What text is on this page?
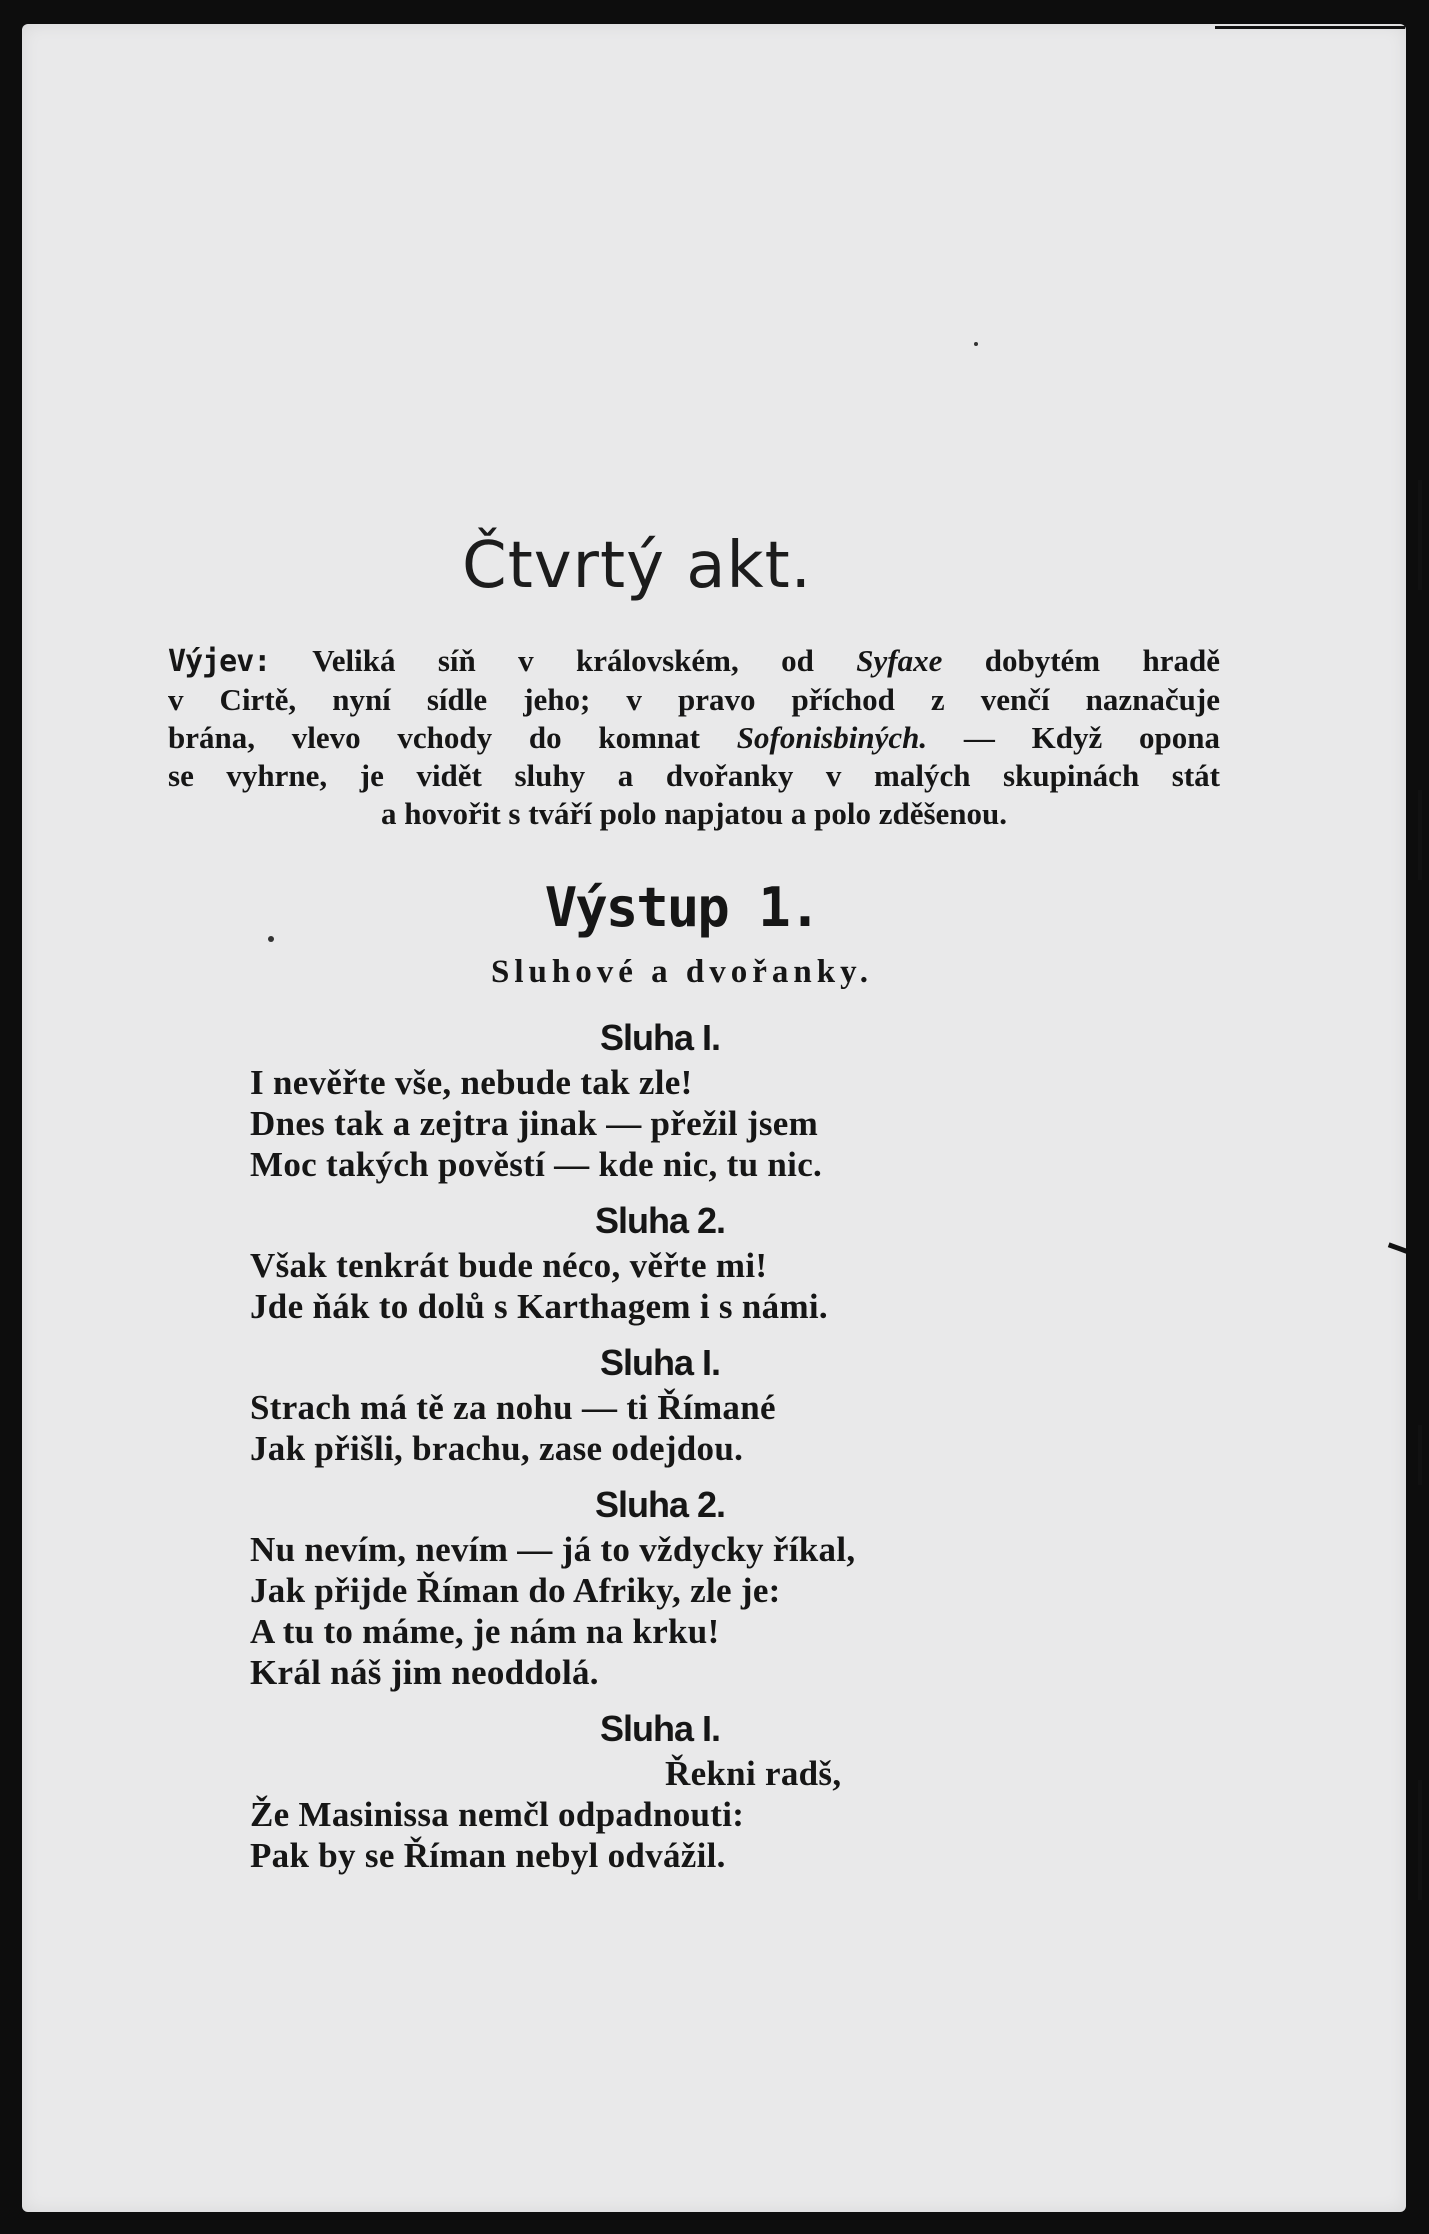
Čtvrtý akt.
Výjev: Veliká síň v královském, od Syfaxe dobytém hradě
v Cirtě, nyní sídle jeho; v pravo příchod z venčí naznačuje
brána, vlevo vchody do komnat Sofonisbiných. — Když opona
se vyhrne, je vidět sluhy a dvořanky v malých skupinách stát
a hovořit s tváří polo napjatou a polo zděšenou.
Výstup 1.
Sluhové a dvořanky.
Sluha I.
I nevěřte vše, nebude tak zle!
Dnes tak a zejtra jinak — přežil jsem
Moc takých pověstí — kde nic, tu nic.
Sluha 2.
Však tenkrát bude néco, věřte mi!
Jde ňák to dolů s Karthagem i s námi.
Sluha I.
Strach má tě za nohu — ti Římané
Jak přišli, brachu, zase odejdou.
Sluha 2.
Nu nevím, nevím — já to vždycky říkal,
Jak přijde Říman do Afriky, zle je:
A tu to máme, je nám na krku!
Král náš jim neoddolá.
Sluha I.
Řekni radš,
Že Masinissa nemčl odpadnouti:
Pak by se Říman nebyl odvážil.
